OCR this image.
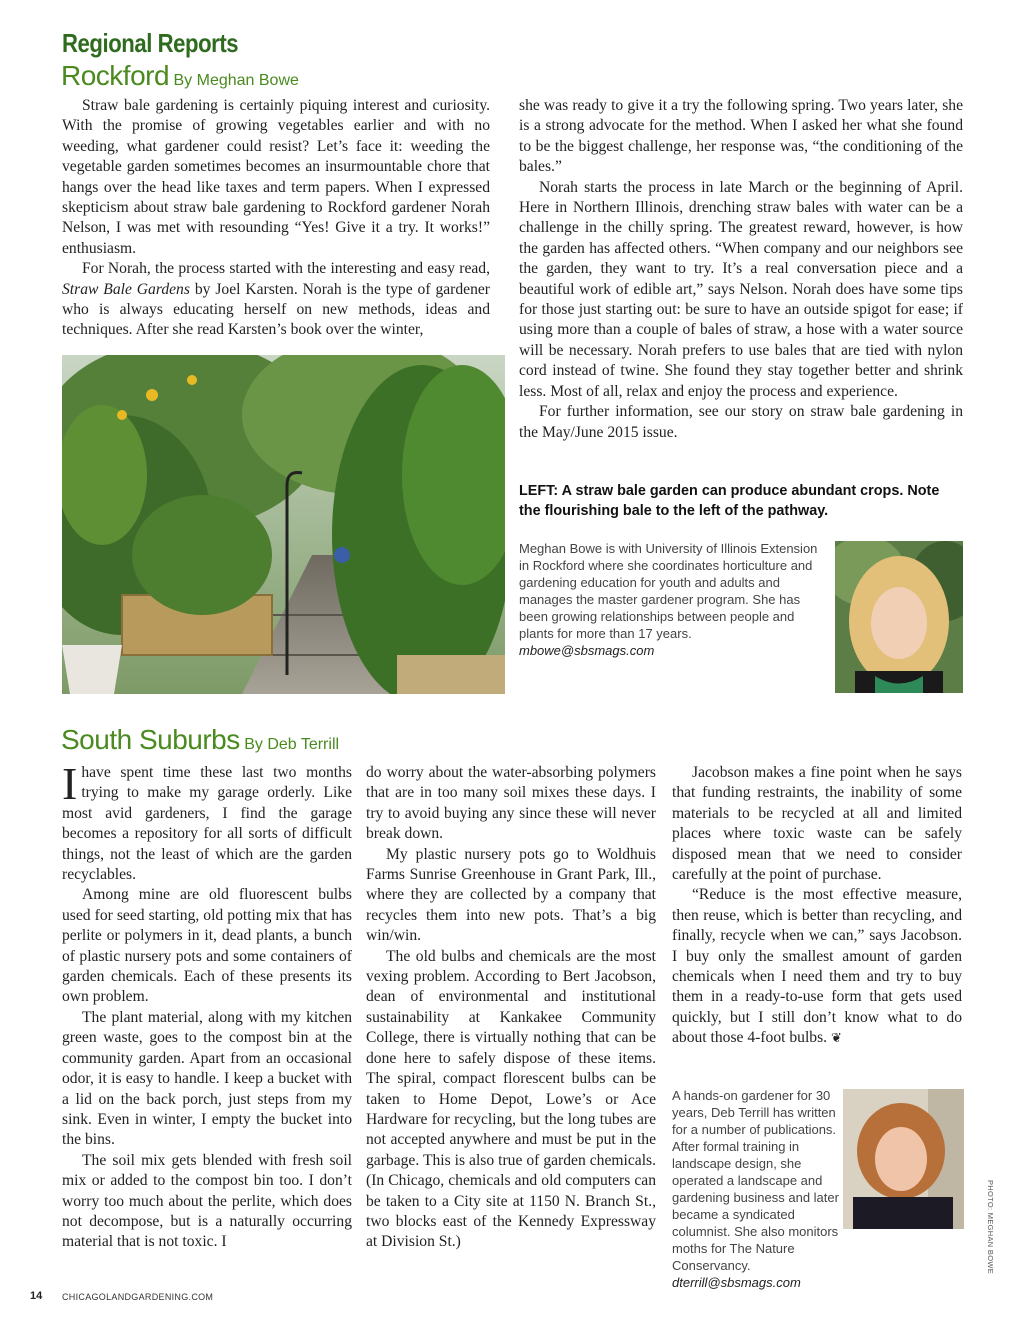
Regional Reports
Rockford By Meghan Bowe

Straw bale gardening is certainly piquing interest and curiosity. With the promise of growing vegetables earlier and with no weeding, what gardener could resist? Let’s face it: weeding the vegetable garden sometimes becomes an insurmountable chore that hangs over the head like taxes and term papers. When I expressed skepticism about straw bale gardening to Rockford gardener Norah Nelson, I was met with resounding “Yes! Give it a try. It works!” enthusiasm.

For Norah, the process started with the interesting and easy read, Straw Bale Gardens by Joel Karsten. Norah is the type of gardener who is always educating herself on new methods, ideas and techniques. After she read Karsten’s book over the winter,

she was ready to give it a try the following spring. Two years later, she is a strong advocate for the method. When I asked her what she found to be the biggest challenge, her response was, “the conditioning of the bales.”

Norah starts the process in late March or the beginning of April. Here in Northern Illinois, drenching straw bales with water can be a challenge in the chilly spring. The greatest reward, however, is how the garden has affected others. “When company and our neighbors see the garden, they want to try. It’s a real conversation piece and a beautiful work of edible art,” says Nelson. Norah does have some tips for those just starting out: be sure to have an outside spigot for ease; if using more than a couple of bales of straw, a hose with a water source will be necessary. Norah prefers to use bales that are tied with nylon cord instead of twine. She found they stay together better and shrink less. Most of all, relax and enjoy the process and experience.

For further information, see our story on straw bale gardening in the May/June 2015 issue.

LEFT: A straw bale garden can produce abundant crops. Note the flourishing bale to the left of the pathway.
Meghan Bowe is with University of Illinois Extension in Rockford where she coordinates horticulture and gardening education for youth and adults and manages the master gardener program. She has been growing relationships between people and plants for more than 17 years. mbowe@sbsmags.com
South Suburbs By Deb Terrill

Ihave spent time these last two months trying to make my garage orderly. Like most avid gardeners, I find the garage becomes a repository for all sorts of difficult things, not the least of which are the garden recyclables.

Among mine are old fluorescent bulbs used for seed starting, old potting mix that has perlite or polymers in it, dead plants, a bunch of plastic nursery pots and some containers of garden chemicals. Each of these presents its own problem.

The plant material, along with my kitchen green waste, goes to the compost bin at the community garden. Apart from an occasional odor, it is easy to handle. I keep a bucket with a lid on the back porch, just steps from my sink. Even in winter, I empty the bucket into the bins.

The soil mix gets blended with fresh soil mix or added to the compost bin too. I don’t worry too much about the perlite, which does not decompose, but is a naturally occurring material that is not toxic. I

do worry about the water-absorbing polymers that are in too many soil mixes these days. I try to avoid buying any since these will never break down.

My plastic nursery pots go to Woldhuis Farms Sunrise Greenhouse in Grant Park, Ill., where they are collected by a company that recycles them into new pots. That’s a big win/win.

The old bulbs and chemicals are the most vexing problem. According to Bert Jacobson, dean of environmental and institutional sustainability at Kankakee Community College, there is virtually nothing that can be done here to safely dispose of these items. The spiral, compact florescent bulbs can be taken to Home Depot, Lowe’s or Ace Hardware for recycling, but the long tubes are not accepted anywhere and must be put in the garbage. This is also true of garden chemicals. (In Chicago, chemicals and old computers can be taken to a City site at 1150 N. Branch St., two blocks east of the Kennedy Expressway at Division St.)

Jacobson makes a fine point when he says that funding restraints, the inability of some materials to be recycled at all and limited places where toxic waste can be safely disposed mean that we need to consider carefully at the point of purchase.

“Reduce is the most effective measure, then reuse, which is better than recycling, and finally, recycle when we can,” says Jacobson. I buy only the smallest amount of garden chemicals when I need them and try to buy them in a ready-to-use form that gets used quickly, but I still don’t know what to do about those 4-foot bulbs. ❦

A hands-on gardener for 30 years, Deb Terrill has written for a number of publications. After formal training in landscape design, she operated a landscape and gardening business and later became a syndicated columnist. She also monitors moths for The Nature Conservancy. dterrill@sbsmags.com
PHOTO: MEGHAN BOWE
14 CHICAGOLANDGARDENING.COM
